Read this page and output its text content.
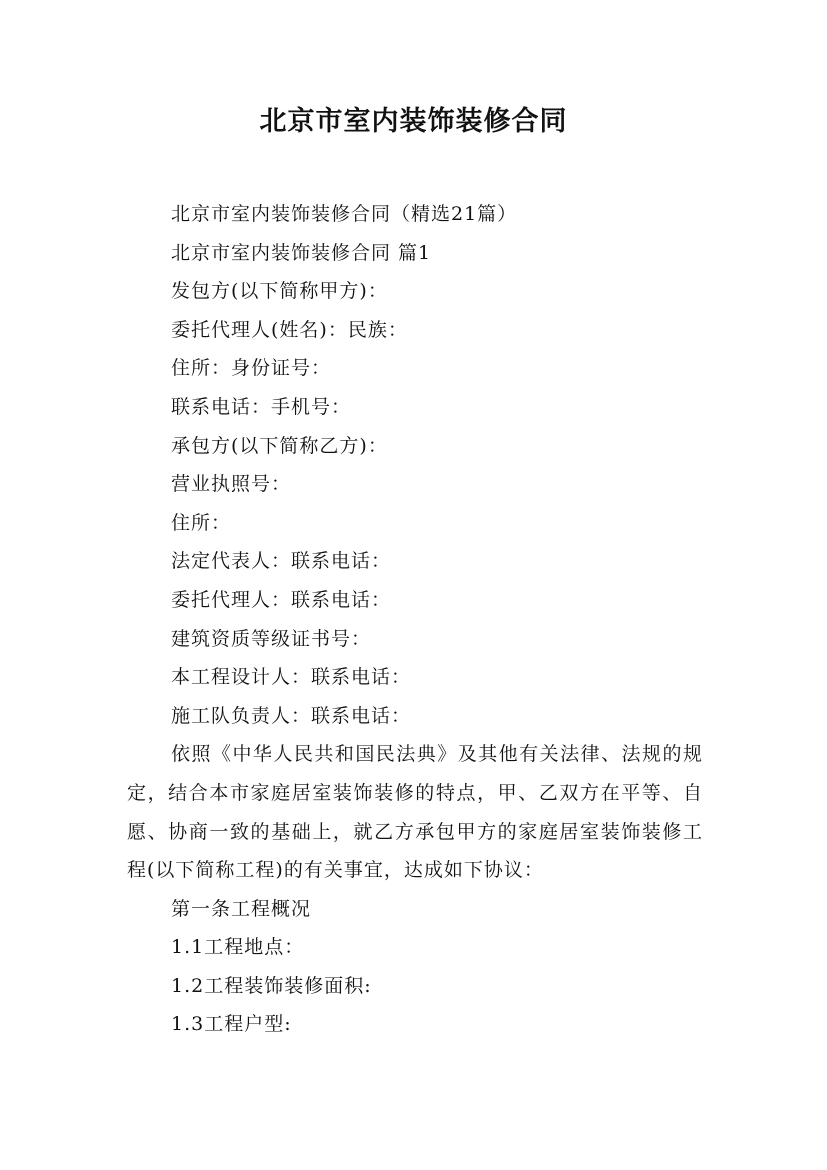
北京市室内装饰装修合同

北京市室内装饰装修合同（精选21篇）

北京市室内装饰装修合同 篇1

发包方(以下简称甲方)：

委托代理人(姓名)：民族：

住所：身份证号：

联系电话：手机号：

承包方(以下简称乙方)：

营业执照号：

住所：

法定代表人：联系电话：

委托代理人：联系电话：

建筑资质等级证书号：

本工程设计人：联系电话：

施工队负责人：联系电话：

依照《中华人民共和国民法典》及其他有关法律、法规的规定，结合本市家庭居室装饰装修的特点，甲、乙双方在平等、自愿、协商一致的基础上，就乙方承包甲方的家庭居室装饰装修工程(以下简称工程)的有关事宜，达成如下协议：

第一条工程概况

1.1工程地点：

1.2工程装饰装修面积:

1.3工程户型:
